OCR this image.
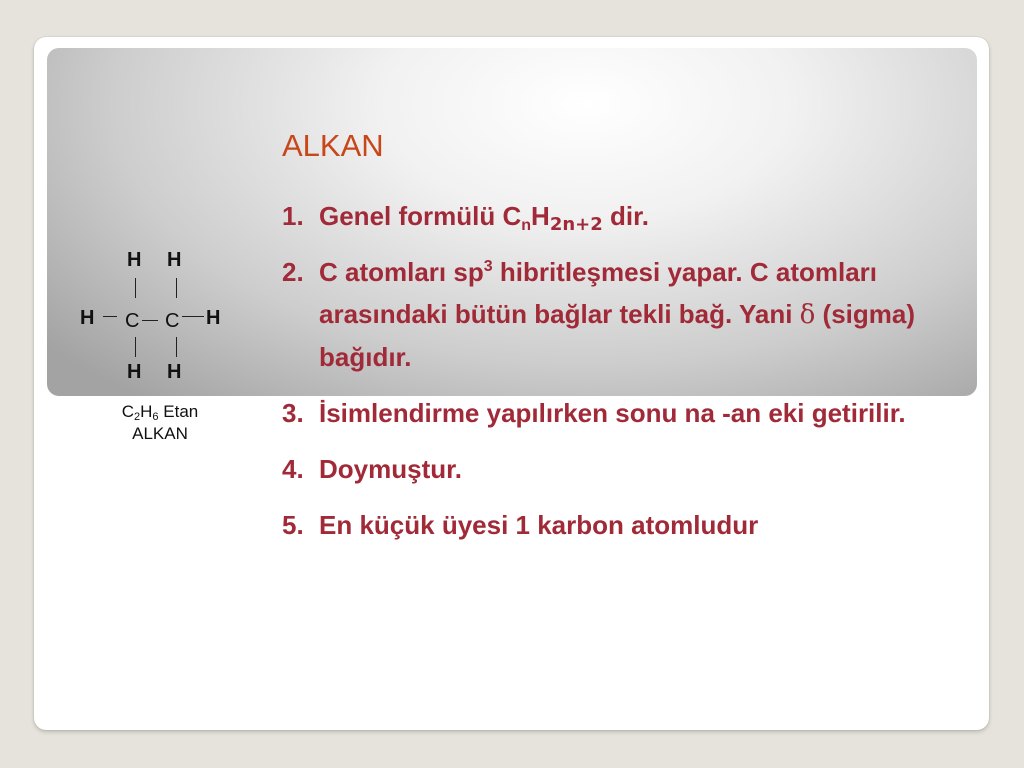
ALKAN
1. Genel formülü $C_nH_{2n+2}$ dir.
2. C atomları $sp^3$ hibritleşmesi yapar. C atomları arasındaki bütün bağlar tekli bağ. Yani δ (sigma) bağıdır.
3. İsimlendirme yapılırken sonu na -an eki getirilir.
4. Doymuştur.
5. En küçük üyesi 1 karbon atomludur
H H
H C C H
H H
$C_2H_6$ Etan
ALKAN
